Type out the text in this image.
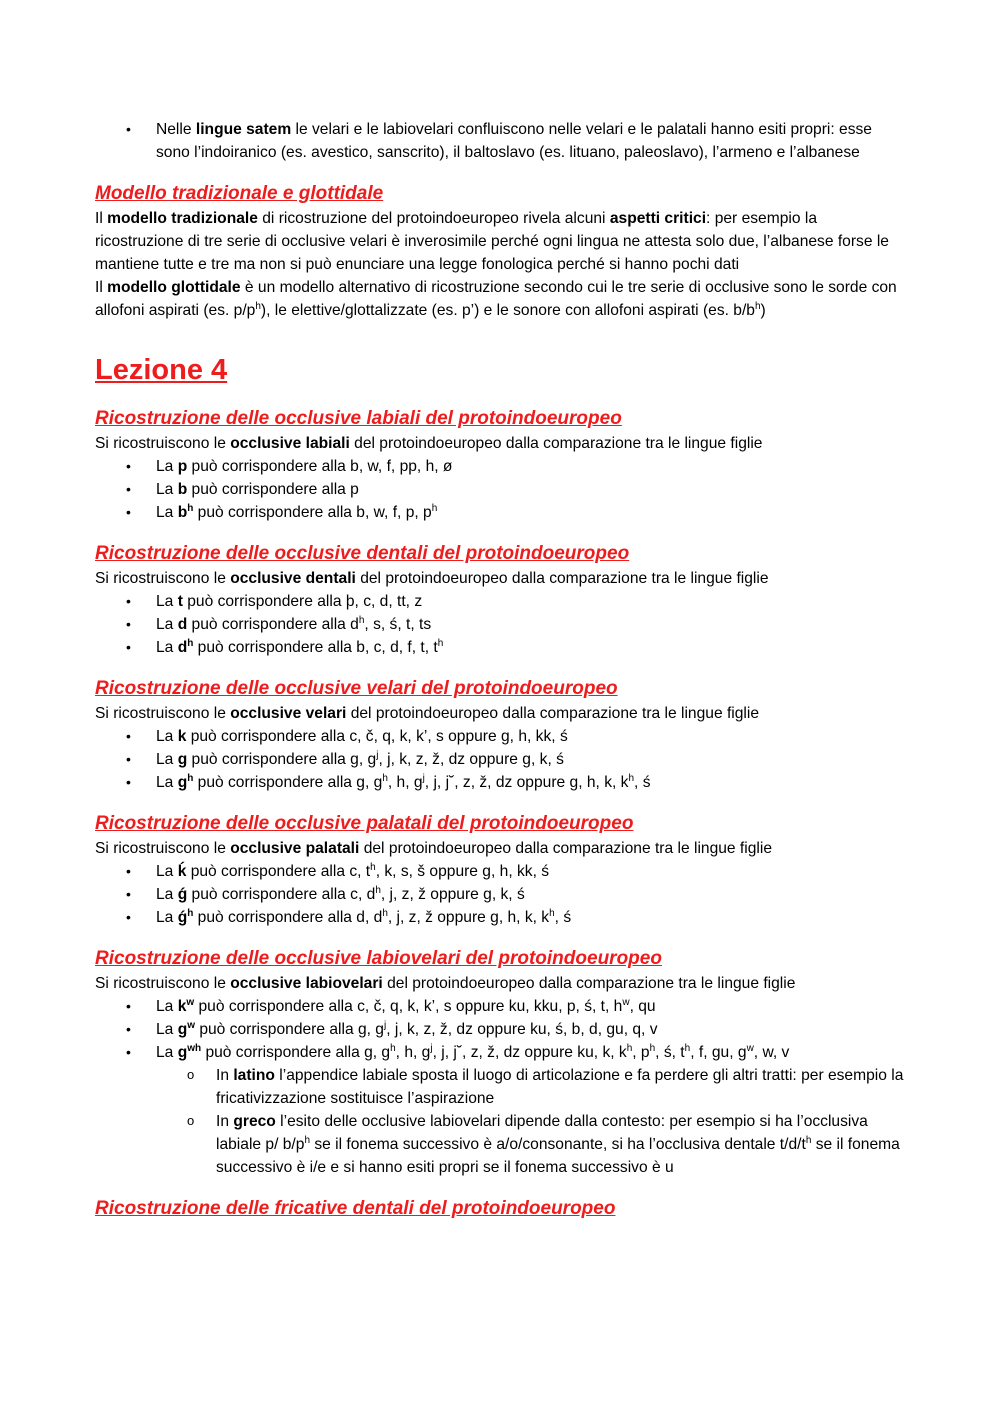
• Nelle lingue satem le velari e le labiovelari confluiscono nelle velari e le palatali hanno esiti propri: esse sono l’indoiranico (es. avestico, sanscrito), il baltoslavo (es. lituano, paleoslavo), l’armeno e l’albanese
Modello tradizionale e glottidale

Il modello tradizionale di ricostruzione del protoindoeuropeo rivela alcuni aspetti critici: per esempio la ricostruzione di tre serie di occlusive velari è inverosimile perché ogni lingua ne attesta solo due, l’albanese forse le mantiene tutte e tre ma non si può enunciare una legge fonologica perché si hanno pochi dati

Il modello glottidale è un modello alternativo di ricostruzione secondo cui le tre serie di occlusive sono le sorde con allofoni aspirati (es. $p/p^h$), le elettive/glottalizzate (es. p’) e le sonore con allofoni aspirati (es. $b/b^h$)

Lezione 4
Ricostruzione delle occlusive labiali del protoindoeuropeo

Si ricostruiscono le occlusive labiali del protoindoeuropeo dalla comparazione tra le lingue figlie

• La p può corrispondere alla b, w, f, pp, h, ø
• La b può corrispondere alla p
• La $b^h$ può corrispondere alla b, w, f, p, $p^h$
Ricostruzione delle occlusive dentali del protoindoeuropeo

Si ricostruiscono le occlusive dentali del protoindoeuropeo dalla comparazione tra le lingue figlie

• La t può corrispondere alla þ, c, d, tt, z
• La d può corrispondere alla $d^h$, s, ś, t, ts
• La $d^h$ può corrispondere alla b, c, d, f, t, $t^h$
Ricostruzione delle occlusive velari del protoindoeuropeo

Si ricostruiscono le occlusive velari del protoindoeuropeo dalla comparazione tra le lingue figlie

• La k può corrispondere alla c, č, q, k, k’, s oppure g, h, kk, ś
• La g può corrispondere alla g, $g^j$, j, k, z, ž, dz oppure g, k, ś
• La $g^h$ può corrispondere alla g, $g^h$, h, $g^j$, j, j˘, z, ž, dz oppure g, h, k, $k^h$, ś
Ricostruzione delle occlusive palatali del protoindoeuropeo

Si ricostruiscono le occlusive palatali del protoindoeuropeo dalla comparazione tra le lingue figlie

• La ḱ può corrispondere alla c, $t^h$, k, s, š oppure g, h, kk, ś
• La ǵ può corrispondere alla c, $d^h$, j, z, ž oppure g, k, ś
• La $ǵ^h$ può corrispondere alla d, $d^h$, j, z, ž oppure g, h, k, $k^h$, ś
Ricostruzione delle occlusive labiovelari del protoindoeuropeo

Si ricostruiscono le occlusive labiovelari del protoindoeuropeo dalla comparazione tra le lingue figlie

• La $k^w$ può corrispondere alla c, č, q, k, k’, s oppure ku, kku, p, ś, t, $h^w$, qu
• La $g^w$ può corrispondere alla g, $g^j$, j, k, z, ž, dz oppure ku, ś, b, d, gu, q, v
• La $g^{wh}$ può corrispondere alla g, $g^h$, h, $g^j$, j, j˘, z, ž, dz oppure ku, k, $k^h$, $p^h$, ś, $t^h$, f, gu, $g^w$, w, v
o In latino l’appendice labiale sposta il luogo di articolazione e fa perdere gli altri tratti: per esempio la fricativizzazione sostituisce l’aspirazione
o In greco l’esito delle occlusive labiovelari dipende dalla contesto: per esempio si ha l’occlusiva labiale p/ $b/p^h$ se il fonema successivo è a/o/consonante, si ha l’occlusiva dentale $t/d/t^h$ se il fonema successivo è i/e e si hanno esiti propri se il fonema successivo è u
Ricostruzione delle fricative dentali del protoindoeuropeo
